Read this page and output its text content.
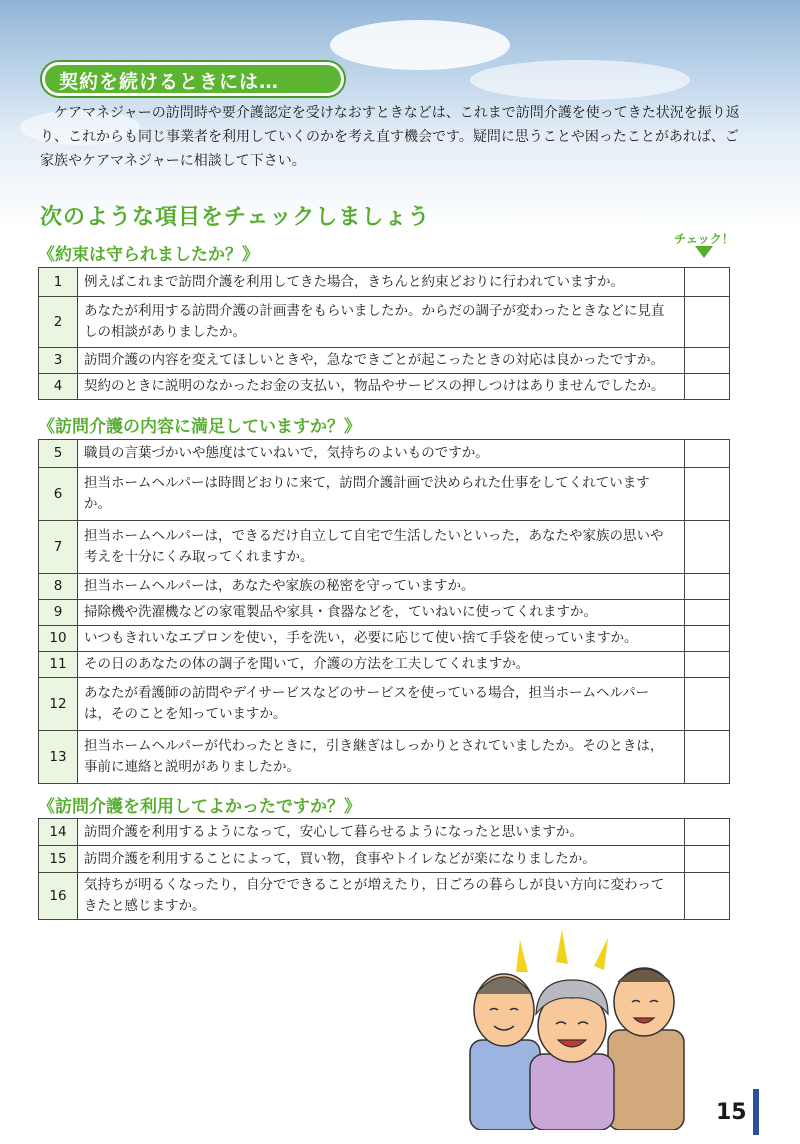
契約を続けるときには…
ケアマネジャーの訪問時や要介護認定を受けなおすときなどは、これまで訪問介護を使ってきた状況を振り返り、これからも同じ事業者を利用していくのかを考え直す機会です。疑問に思うことや困ったことがあれば、ご家族やケアマネジャーに相談して下さい。
次のような項目をチェックしましょう
チェック！
《約束は守られましたか？》
1	例えばこれまで訪問介護を利用してきた場合，きちんと約束どおりに行われていますか。	
2	あなたが利用する訪問介護の計画書をもらいましたか。からだの調子が変わったときなどに見直しの相談がありましたか。	
3	訪問介護の内容を変えてほしいときや，急なできごとが起こったときの対応は良かったですか。	
4	契約のときに説明のなかったお金の支払い，物品やサービスの押しつけはありませんでしたか。	
《訪問介護の内容に満足していますか？》
5	職員の言葉づかいや態度はていねいで，気持ちのよいものですか。	
6	担当ホームヘルパーは時間どおりに来て，訪問介護計画で決められた仕事をしてくれていますか。	
7	担当ホームヘルパーは，できるだけ自立して自宅で生活したいといった，あなたや家族の思いや考えを十分にくみ取ってくれますか。	
8	担当ホームヘルパーは，あなたや家族の秘密を守っていますか。	
9	掃除機や洗濯機などの家電製品や家具・食器などを，ていねいに使ってくれますか。	
10	いつもきれいなエプロンを使い，手を洗い，必要に応じて使い捨て手袋を使っていますか。	
11	その日のあなたの体の調子を聞いて，介護の方法を工夫してくれますか。	
12	あなたが看護師の訪問やデイサービスなどのサービスを使っている場合，担当ホームヘルパーは，そのことを知っていますか。	
13	担当ホームヘルパーが代わったときに，引き継ぎはしっかりとされていましたか。そのときは，事前に連絡と説明がありましたか。	
《訪問介護を利用してよかったですか？》
14	訪問介護を利用するようになって，安心して暮らせるようになったと思いますか。	
15	訪問介護を利用することによって，買い物，食事やトイレなどが楽になりましたか。	
16	気持ちが明るくなったり，自分でできることが増えたり，日ごろの暮らしが良い方向に変わってきたと感じますか。	
15
